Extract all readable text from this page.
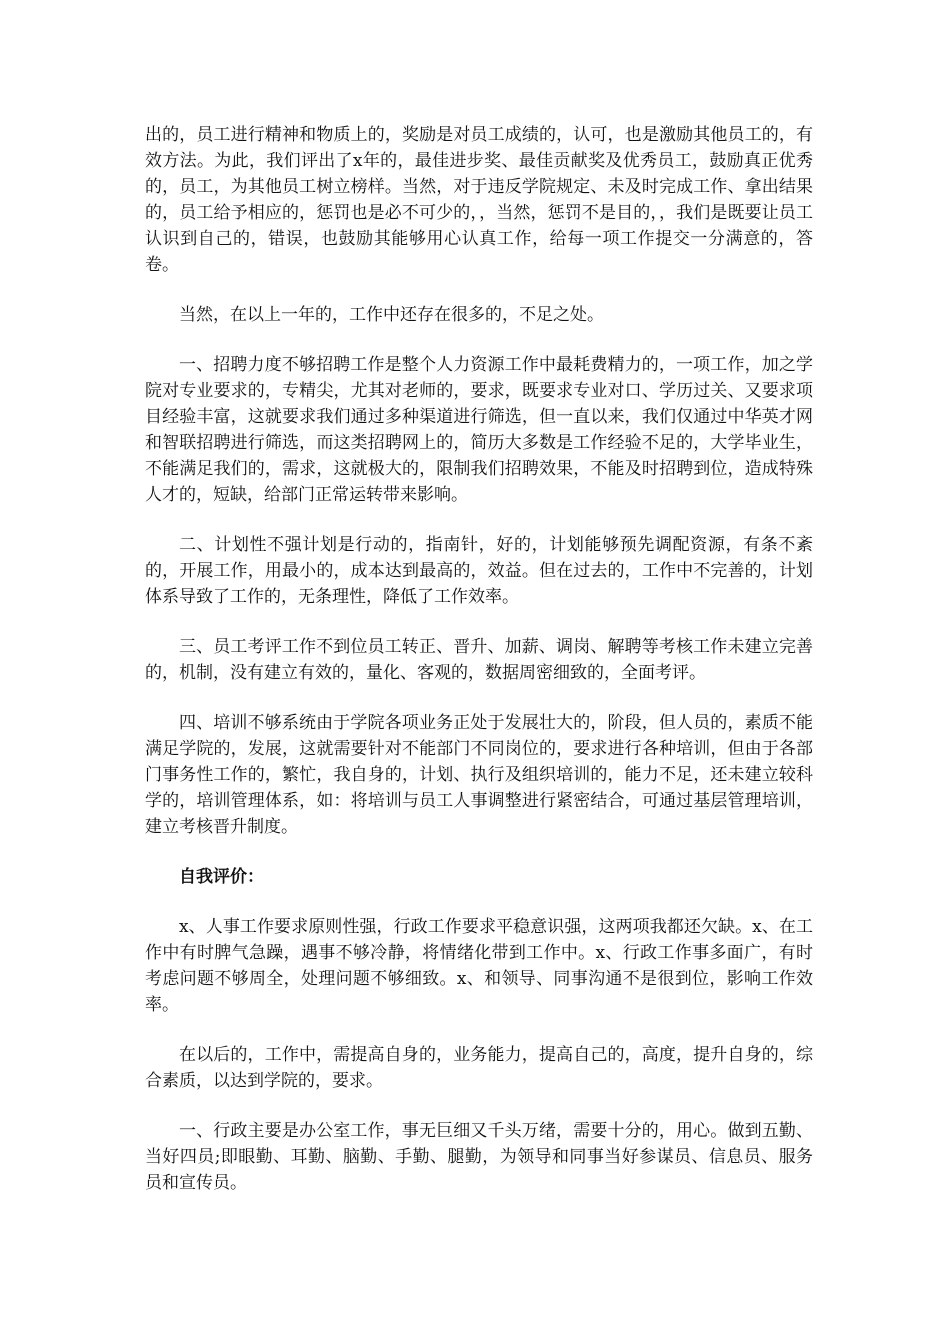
出的，员工进行精神和物质上的，奖励是对员工成绩的，认可，也是激励其他员工的，有效方法。为此，我们评出了x年的，最佳进步奖、最佳贡献奖及优秀员工，鼓励真正优秀的，员工，为其他员工树立榜样。当然，对于违反学院规定、未及时完成工作、拿出结果的，员工给予相应的，惩罚也是必不可少的，，当然，惩罚不是目的，，我们是既要让员工认识到自己的，错误，也鼓励其能够用心认真工作，给每一项工作提交一分满意的，答卷。

当然，在以上一年的，工作中还存在很多的，不足之处。

一、招聘力度不够招聘工作是整个人力资源工作中最耗费精力的，一项工作，加之学院对专业要求的，专精尖，尤其对老师的，要求，既要求专业对口、学历过关、又要求项目经验丰富，这就要求我们通过多种渠道进行筛选，但一直以来，我们仅通过中华英才网和智联招聘进行筛选，而这类招聘网上的，简历大多数是工作经验不足的，大学毕业生，不能满足我们的，需求，这就极大的，限制我们招聘效果，不能及时招聘到位，造成特殊人才的，短缺，给部门正常运转带来影响。

二、计划性不强计划是行动的，指南针，好的，计划能够预先调配资源，有条不紊的，开展工作，用最小的，成本达到最高的，效益。但在过去的，工作中不完善的，计划体系导致了工作的，无条理性，降低了工作效率。

三、员工考评工作不到位员工转正、晋升、加薪、调岗、解聘等考核工作未建立完善的，机制，没有建立有效的，量化、客观的，数据周密细致的，全面考评。

四、培训不够系统由于学院各项业务正处于发展壮大的，阶段，但人员的，素质不能满足学院的，发展，这就需要针对不能部门不同岗位的，要求进行各种培训，但由于各部门事务性工作的，繁忙，我自身的，计划、执行及组织培训的，能力不足，还未建立较科学的，培训管理体系，如：将培训与员工人事调整进行紧密结合，可通过基层管理培训，建立考核晋升制度。

自我评价：

x、人事工作要求原则性强，行政工作要求平稳意识强，这两项我都还欠缺。x、在工作中有时脾气急躁，遇事不够冷静，将情绪化带到工作中。x、行政工作事多面广，有时考虑问题不够周全，处理问题不够细致。x、和领导、同事沟通不是很到位，影响工作效率。

在以后的，工作中，需提高自身的，业务能力，提高自己的，高度，提升自身的，综合素质，以达到学院的，要求。

一、行政主要是办公室工作，事无巨细又千头万绪，需要十分的，用心。做到五勤、当好四员;即眼勤、耳勤、脑勤、手勤、腿勤，为领导和同事当好参谋员、信息员、服务员和宣传员。
